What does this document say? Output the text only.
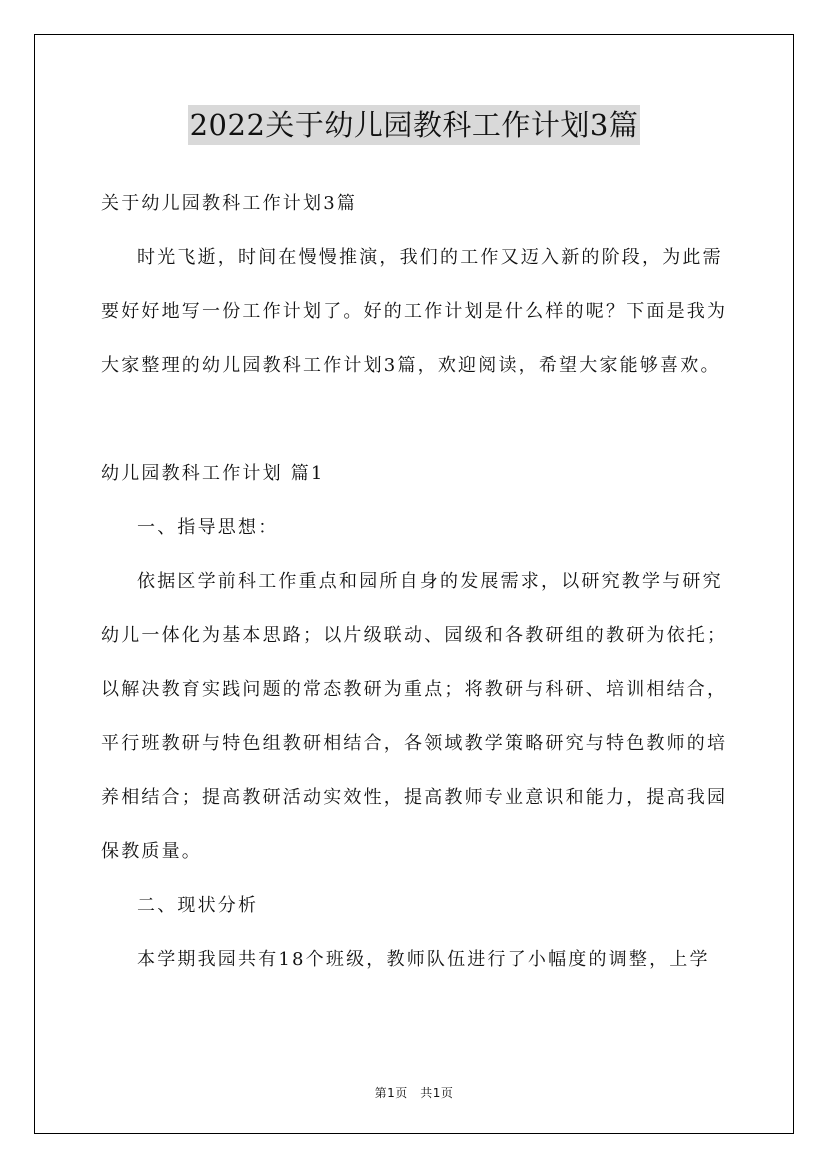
2022关于幼儿园教科工作计划3篇

关于幼儿园教科工作计划3篇

时光飞逝，时间在慢慢推演，我们的工作又迈入新的阶段，为此需要好好地写一份工作计划了。好的工作计划是什么样的呢？下面是我为大家整理的幼儿园教科工作计划3篇，欢迎阅读，希望大家能够喜欢。

幼儿园教科工作计划 篇1

一、指导思想：

依据区学前科工作重点和园所自身的发展需求，以研究教学与研究幼儿一体化为基本思路；以片级联动、园级和各教研组的教研为依托；以解决教育实践问题的常态教研为重点；将教研与科研、培训相结合，平行班教研与特色组教研相结合，各领域教学策略研究与特色教师的培养相结合；提高教研活动实效性，提高教师专业意识和能力，提高我园保教质量。

二、现状分析

本学期我园共有18个班级，教师队伍进行了小幅度的调整，上学

第1页　共1页
